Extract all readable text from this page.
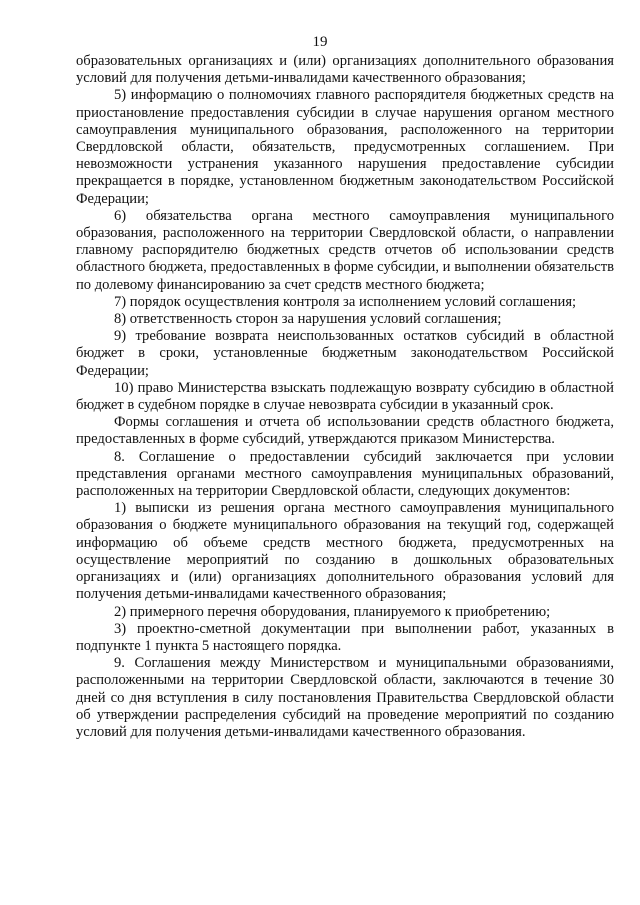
19

образовательных организациях и (или) организациях дополнительного образования условий для получения детьми-инвалидами качественного образования;

5) информацию о полномочиях главного распорядителя бюджетных средств на приостановление предоставления субсидии в случае нарушения органом местного самоуправления муниципального образования, расположенного на территории Свердловской области, обязательств, предусмотренных соглашением. При невозможности устранения указанного нарушения предоставление субсидии прекращается в порядке, установленном бюджетным законодательством Российской Федерации;

6) обязательства органа местного самоуправления муниципального образования, расположенного на территории Свердловской области, о направлении главному распорядителю бюджетных средств отчетов об использовании средств областного бюджета, предоставленных в форме субсидии, и выполнении обязательств по долевому финансированию за счет средств местного бюджета;

7) порядок осуществления контроля за исполнением условий соглашения;

8) ответственность сторон за нарушения условий соглашения;

9) требование возврата неиспользованных остатков субсидий в областной бюджет в сроки, установленные бюджетным законодательством Российской Федерации;

10) право Министерства взыскать подлежащую возврату субсидию в областной бюджет в судебном порядке в случае невозврата субсидии в указанный срок.

Формы соглашения и отчета об использовании средств областного бюджета, предоставленных в форме субсидий, утверждаются приказом Министерства.

8. Соглашение о предоставлении субсидий заключается при условии представления органами местного самоуправления муниципальных образований, расположенных на территории Свердловской области, следующих документов:

1) выписки из решения органа местного самоуправления муниципального образования о бюджете муниципального образования на текущий год, содержащей информацию об объеме средств местного бюджета, предусмотренных на осуществление мероприятий по созданию в дошкольных образовательных организациях и (или) организациях дополнительного образования условий для получения детьми-инвалидами качественного образования;

2) примерного перечня оборудования, планируемого к приобретению;

3) проектно-сметной документации при выполнении работ, указанных в подпункте 1 пункта 5 настоящего порядка.

9. Соглашения между Министерством и муниципальными образованиями, расположенными на территории Свердловской области, заключаются в течение 30 дней со дня вступления в силу постановления Правительства Свердловской области об утверждении распределения субсидий на проведение мероприятий по созданию условий для получения детьми-инвалидами качественного образования.
